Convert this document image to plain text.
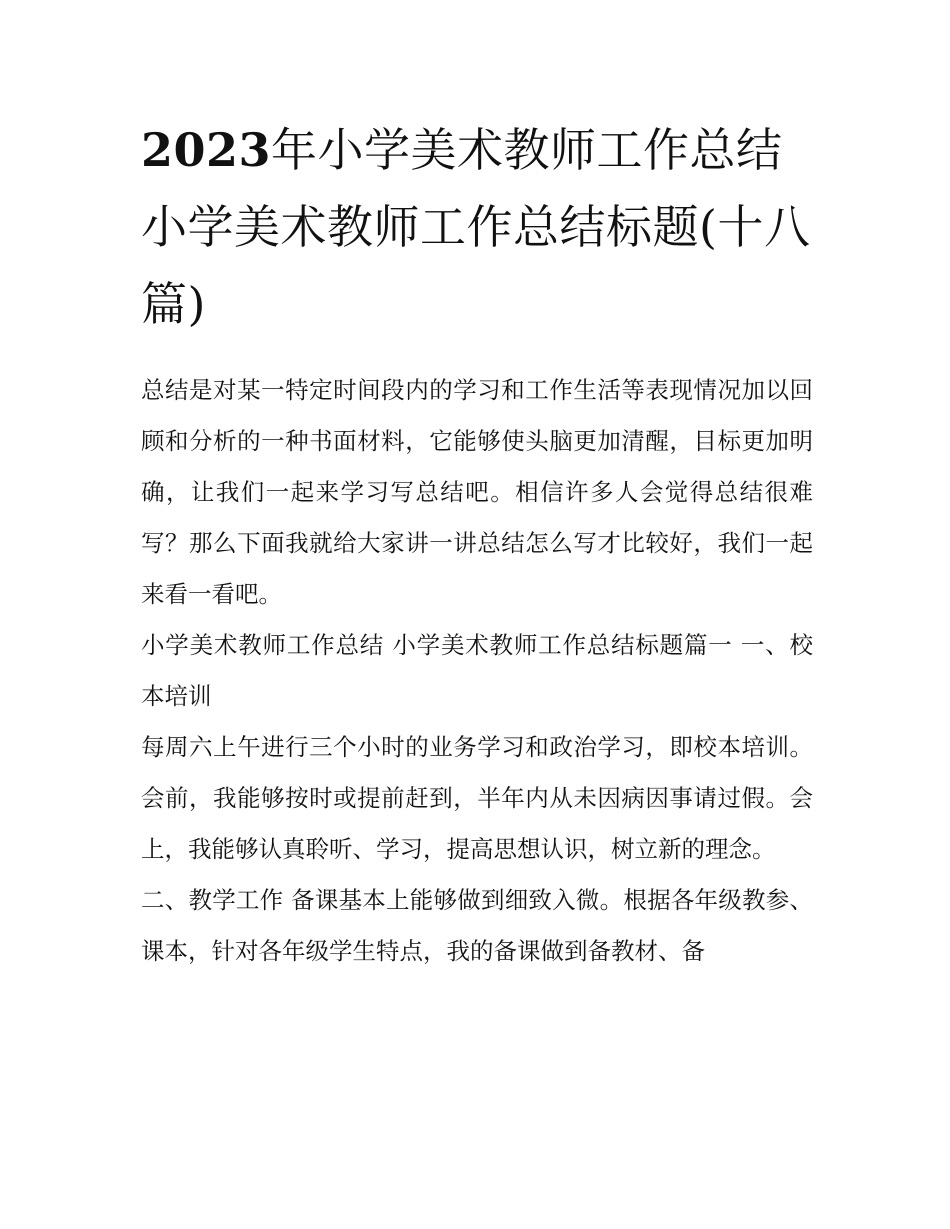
2023年小学美术教师工作总结 小学美术教师工作总结标题(十八篇)

总结是对某一特定时间段内的学习和工作生活等表现情况加以回顾和分析的一种书面材料，它能够使头脑更加清醒，目标更加明确，让我们一起来学习写总结吧。相信许多人会觉得总结很难写？那么下面我就给大家讲一讲总结怎么写才比较好，我们一起来看一看吧。

小学美术教师工作总结 小学美术教师工作总结标题篇一 一、校本培训

每周六上午进行三个小时的业务学习和政治学习，即校本培训。会前，我能够按时或提前赶到，半年内从未因病因事请过假。会上，我能够认真聆听、学习，提高思想认识，树立新的理念。

二、教学工作 备课基本上能够做到细致入微。根据各年级教参、课本，针对各年级学生特点，我的备课做到备教材、备
